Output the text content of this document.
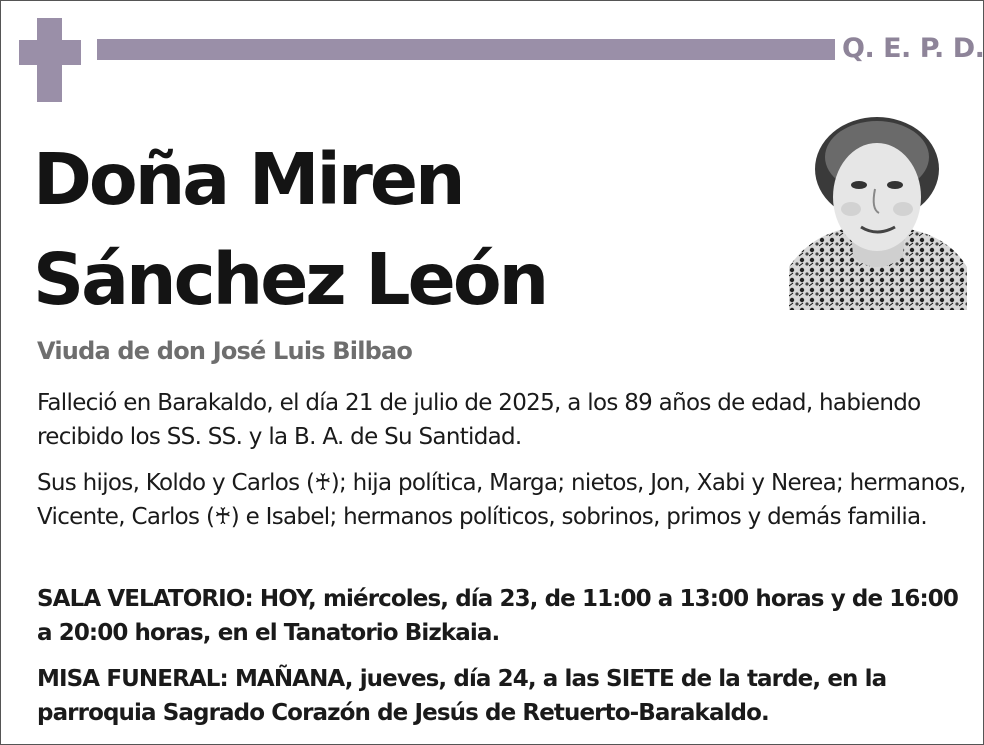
Q. E. P. D.
Doña Miren
Sánchez León
Viuda de don José Luis Bilbao

Falleció en Barakaldo, el día 21 de julio de 2025, a los 89 años de edad, habiendo recibido los SS. SS. y la B. A. de Su Santidad.

Sus hijos, Koldo y Carlos (♰); hija política, Marga; nietos, Jon, Xabi y Nerea; hermanos, Vicente, Carlos (♰) e Isabel; hermanos políticos, sobrinos, primos y demás familia.

SALA VELATORIO: HOY, miércoles, día 23, de 11:00 a 13:00 horas y de 16:00 a 20:00 horas, en el Tanatorio Bizkaia.

MISA FUNERAL: MAÑANA, jueves, día 24, a las SIETE de la tarde, en la parroquia Sagrado Corazón de Jesús de Retuerto-Barakaldo.
